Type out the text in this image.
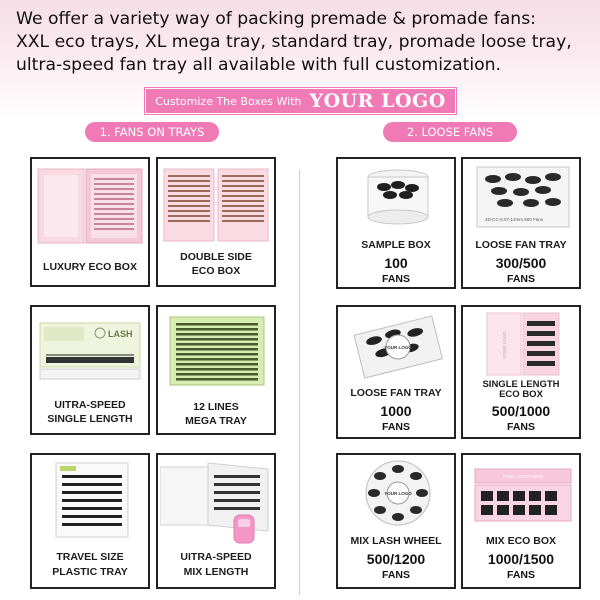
We offer a variety way of packing premade & promade fans:
XXL eco trays, XL mega tray, standard tray, promade loose tray,
ultra-speed fan tray all available with full customization.
Customize The Boxes With YOUR LOGO
1. FANS ON TRAYS	2. LOOSE FANS
LUXURY ECO BOX
DOUBLE SIDE
ECO BOX
LASH
UITRA-SPEED
SINGLE LENGTH
12 LINES
MEGA TRAY
TRAVEL SIZE
PLASTIC TRAY
UITRA-SPEED
MIX LENGTH
SAMPLE BOX
100
FANS
4D-CC-0.07-12mm 500 Fans
LOOSE FAN TRAY
300/500
FANS
YOUR LOGO
LOOSE FAN TRAY
1000
FANS
YOUR LOGO
SINGLE LENGTH
ECO BOX
500/1000
FANS
YOUR LOGO
MIX LASH WHEEL
500/1200
FANS
YOUR LOGO HERE
MIX ECO BOX
1000/1500
FANS
